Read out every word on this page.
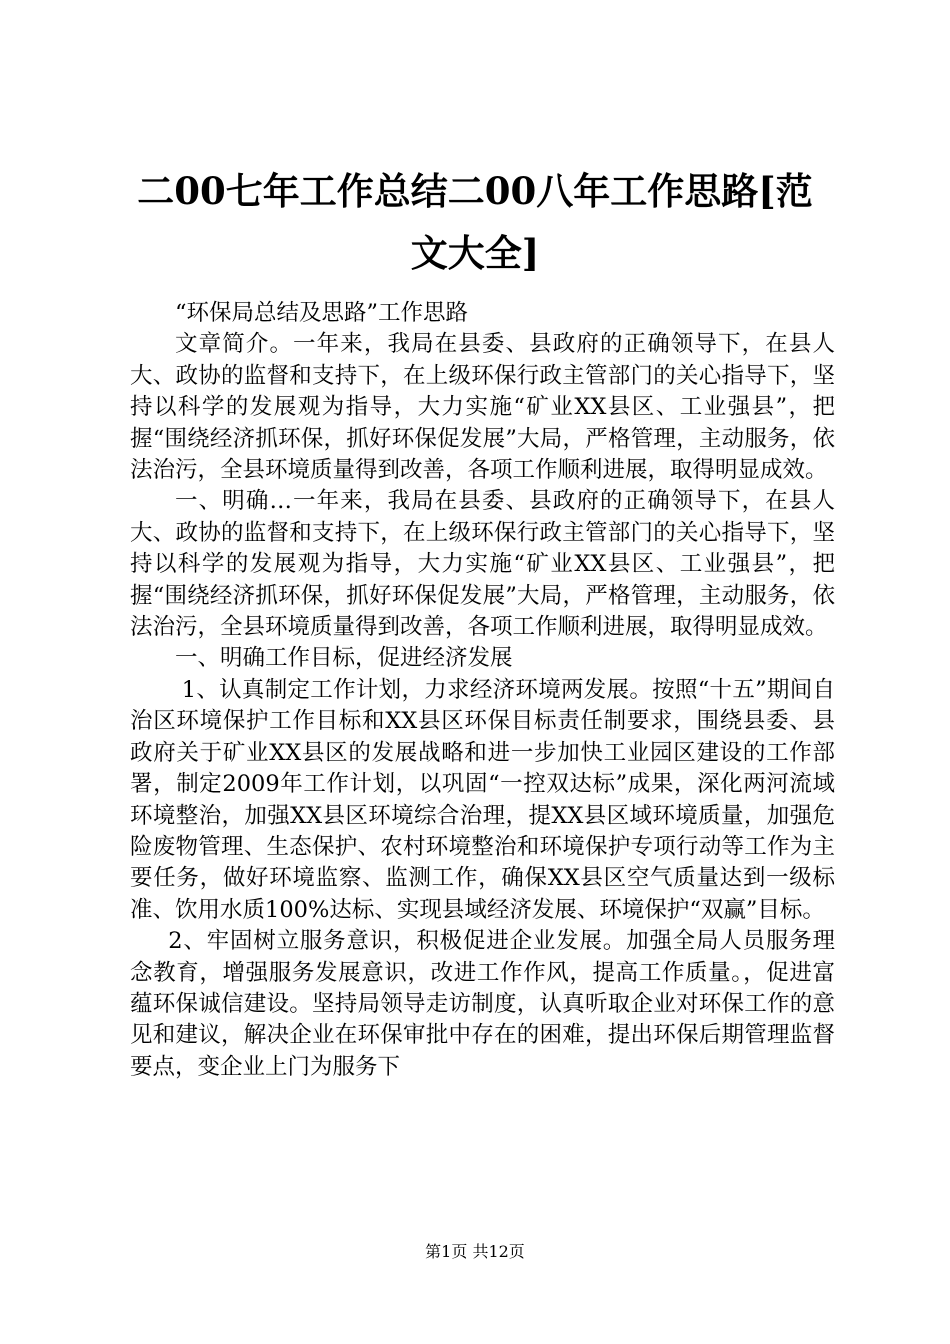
二00七年工作总结二00八年工作思路[范文大全]

“环保局总结及思路”工作思路

文章简介。一年来，我局在县委、县政府的正确领导下，在县人大、政协的监督和支持下，在上级环保行政主管部门的关心指导下，坚持以科学的发展观为指导，大力实施“矿业XX县区、工业强县”，把握“围绕经济抓环保，抓好环保促发展”大局，严格管理，主动服务，依法治污，全县环境质量得到改善，各项工作顺利进展，取得明显成效。

一、明确…一年来，我局在县委、县政府的正确领导下，在县人大、政协的监督和支持下，在上级环保行政主管部门的关心指导下，坚持以科学的发展观为指导，大力实施“矿业XX县区、工业强县”，把握“围绕经济抓环保，抓好环保促发展”大局，严格管理，主动服务，依法治污，全县环境质量得到改善，各项工作顺利进展，取得明显成效。

一、明确工作目标，促进经济发展

1、认真制定工作计划，力求经济环境两发展。按照“十五”期间自治区环境保护工作目标和XX县区环保目标责任制要求，围绕县委、县政府关于矿业XX县区的发展战略和进一步加快工业园区建设的工作部署，制定2009年工作计划，以巩固“一控双达标”成果，深化两河流域环境整治，加强XX县区环境综合治理，提XX县区域环境质量，加强危险废物管理、生态保护、农村环境整治和环境保护专项行动等工作为主要任务，做好环境监察、监测工作，确保XX县区空气质量达到一级标准、饮用水质100%达标、实现县域经济发展、环境保护“双赢”目标。

2、牢固树立服务意识，积极促进企业发展。加强全局人员服务理念教育，增强服务发展意识，改进工作作风，提高工作质量。，促进富蕴环保诚信建设。坚持局领导走访制度，认真听取企业对环保工作的意见和建议，解决企业在环保审批中存在的困难，提出环保后期管理监督要点，变企业上门为服务下

第1页 共12页
